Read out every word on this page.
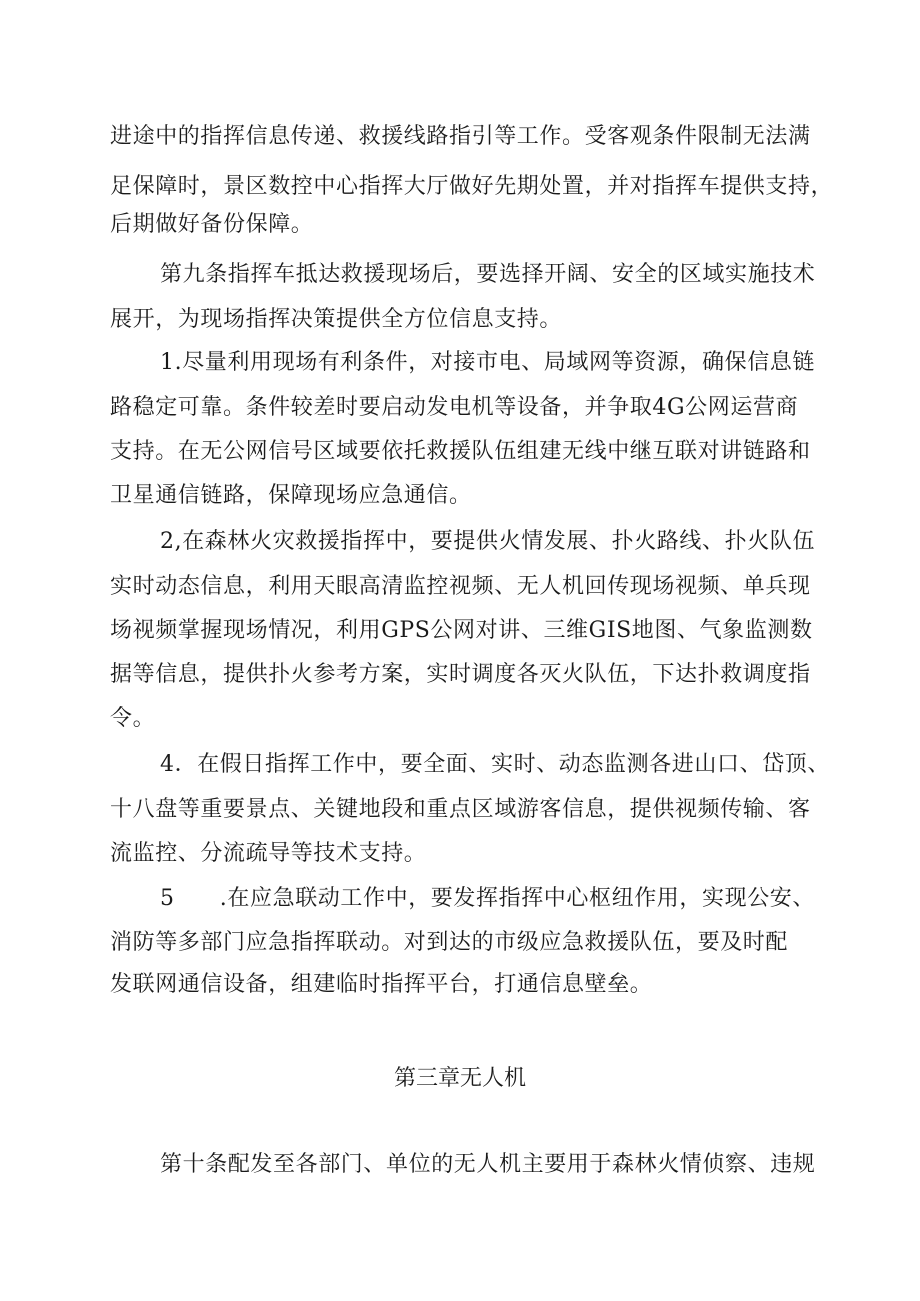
进途中的指挥信息传递、救援线路指引等工作。受客观条件限制无法满
足保障时，景区数控中心指挥大厅做好先期处置，并对指挥车提供支持，
后期做好备份保障。
第九条指挥车抵达救援现场后，要选择开阔、安全的区域实施技术
展开，为现场指挥决策提供全方位信息支持。
1.尽量利用现场有利条件，对接市电、局域网等资源，确保信息链
路稳定可靠。条件较差时要启动发电机等设备，并争取4G公网运营商
支持。在无公网信号区域要依托救援队伍组建无线中继互联对讲链路和
卫星通信链路，保障现场应急通信。
2,在森林火灾救援指挥中，要提供火情发展、扑火路线、扑火队伍
实时动态信息，利用天眼高清监控视频、无人机回传现场视频、单兵现
场视频掌握现场情况，利用GPS公网对讲、三维GIS地图、气象监测数
据等信息，提供扑火参考方案，实时调度各灭火队伍，下达扑救调度指
令。
4．在假日指挥工作中，要全面、实时、动态监测各进山口、岱顶、
十八盘等重要景点、关键地段和重点区域游客信息，提供视频传输、客
流监控、分流疏导等技术支持。
5　　.在应急联动工作中，要发挥指挥中心枢纽作用，实现公安、
消防等多部门应急指挥联动。对到达的市级应急救援队伍，要及时配
发联网通信设备，组建临时指挥平台，打通信息壁垒。
第三章无人机
第十条配发至各部门、单位的无人机主要用于森林火情侦察、违规
